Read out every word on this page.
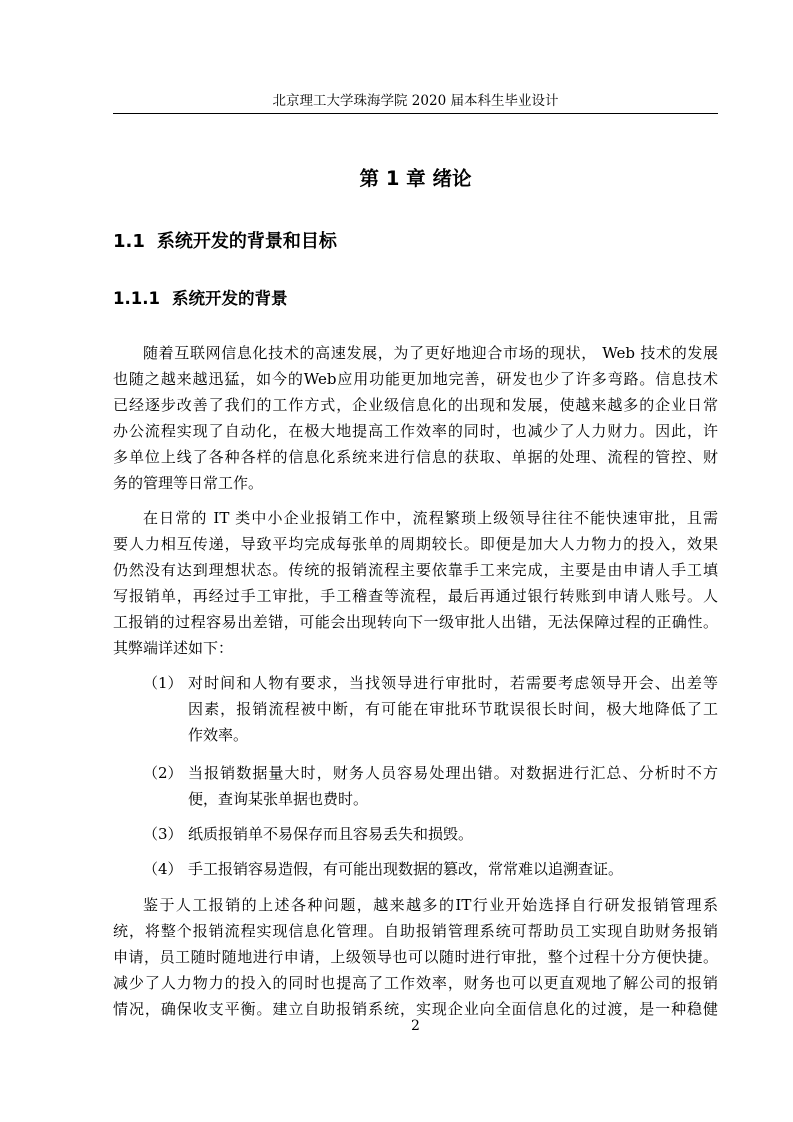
北京理工大学珠海学院 2020 届本科生毕业设计
第 1 章 绪论
1.1 系统开发的背景和目标
1.1.1 系统开发的背景
随着互联网信息化技术的高速发展，为了更好地迎合市场的现状， Web 技术的发展
也随之越来越迅猛，如今的Web应用功能更加地完善，研发也少了许多弯路。信息技术
已经逐步改善了我们的工作方式，企业级信息化的出现和发展，使越来越多的企业日常
办公流程实现了自动化，在极大地提高工作效率的同时，也减少了人力财力。因此，许
多单位上线了各种各样的信息化系统来进行信息的获取、单据的处理、流程的管控、财
务的管理等日常工作。
在日常的 IT 类中小企业报销工作中，流程繁琐上级领导往往不能快速审批，且需
要人力相互传递，导致平均完成每张单的周期较长。即便是加大人力物力的投入，效果
仍然没有达到理想状态。传统的报销流程主要依靠手工来完成，主要是由申请人手工填
写报销单，再经过手工审批，手工稽查等流程，最后再通过银行转账到申请人账号。人
工报销的过程容易出差错，可能会出现转向下一级审批人出错，无法保障过程的正确性。
其弊端详述如下：
（1） 对时间和人物有要求，当找领导进行审批时，若需要考虑领导开会、出差等
因素，报销流程被中断，有可能在审批环节耽误很长时间，极大地降低了工
作效率。
（2） 当报销数据量大时，财务人员容易处理出错。对数据进行汇总、分析时不方
便，查询某张单据也费时。
（3） 纸质报销单不易保存而且容易丢失和损毁。
（4） 手工报销容易造假，有可能出现数据的篡改，常常难以追溯查证。
鉴于人工报销的上述各种问题，越来越多的IT行业开始选择自行研发报销管理系
统，将整个报销流程实现信息化管理。自助报销管理系统可帮助员工实现自助财务报销
申请，员工随时随地进行申请，上级领导也可以随时进行审批，整个过程十分方便快捷。
减少了人力物力的投入的同时也提高了工作效率，财务也可以更直观地了解公司的报销
情况，确保收支平衡。建立自助报销系统，实现企业向全面信息化的过渡，是一种稳健
2
